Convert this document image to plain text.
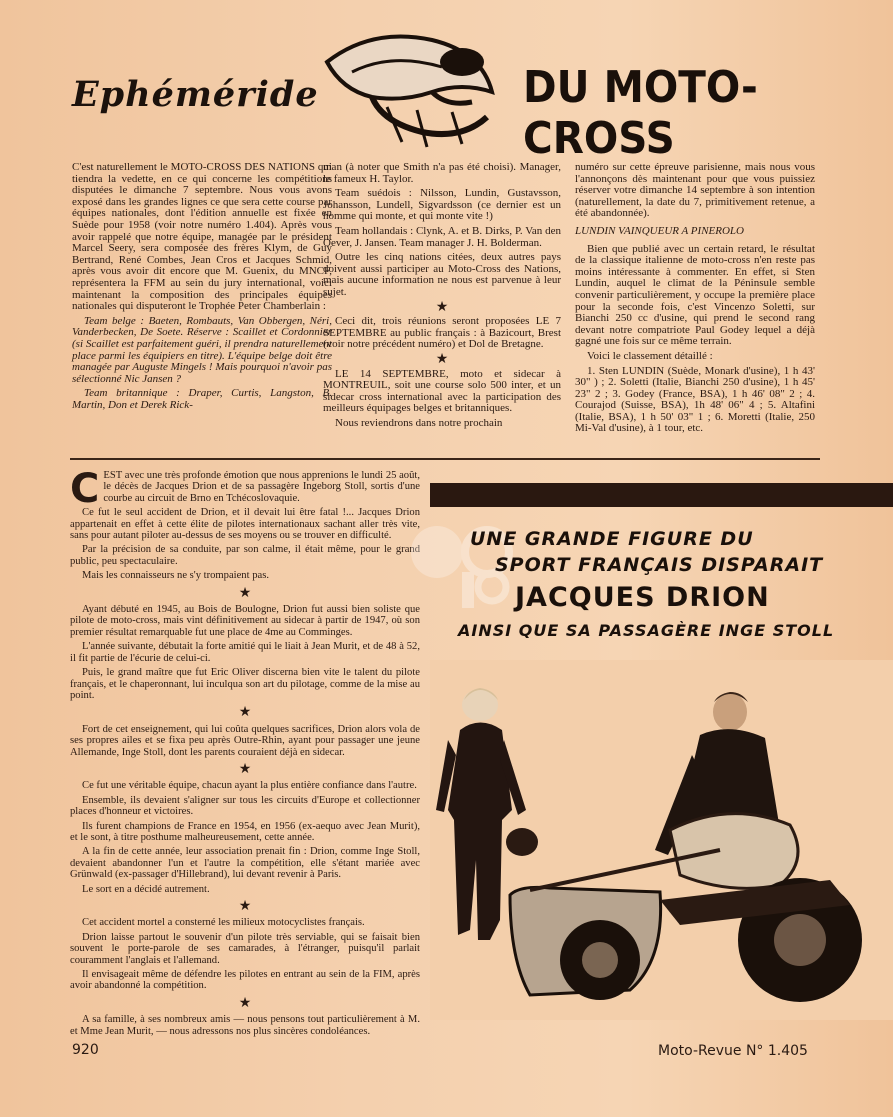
Ephéméride	DU MOTO-CROSS

C'est naturellement le MOTO-CROSS DES NATIONS qui tiendra la vedette, en ce qui concerne les compétitions disputées le dimanche 7 septembre. Nous vous avons exposé dans les grandes lignes ce que sera cette course par équipes nationales, dont l'édition annuelle est fixée en Suède pour 1958 (voir notre numéro 1.404). Après vous avoir rappelé que notre équipe, managée par le président Marcel Seery, sera composée des frères Klym, de Guy Bertrand, René Combes, Jean Cros et Jacques Schmid, après vous avoir dit encore que M. Guenix, du MNCF, représentera la FFM au sein du jury international, voici maintenant la composition des principales équipes nationales qui disputeront le Trophée Peter Chamberlain :

Team belge : Baeten, Rombauts, Van Obbergen, Néri, Vanderbecken, De Soete. Réserve : Scaillet et Cordonnier (si Scaillet est parfaitement guéri, il prendra naturellement place parmi les équipiers en titre). L'équipe belge doit être managée par Auguste Mingels ! Mais pourquoi n'avoir pas sélectionné Nic Jansen ?

Team britannique : Draper, Curtis, Langston, B. Martin, Don et Derek Rick-

man (à noter que Smith n'a pas été choisi). Manager, le fameux H. Taylor.

Team suédois : Nilsson, Lundin, Gustavsson, Johansson, Lundell, Sigvardsson (ce dernier est un homme qui monte, et qui monte vite !)

Team hollandais : Clynk, A. et B. Dirks, P. Van den Oever, J. Jansen. Team manager J. H. Bolderman.

Outre les cinq nations citées, deux autres pays doivent aussi participer au Moto-Cross des Nations, mais aucune information ne nous est parvenue à leur sujet.

★

Ceci dit, trois réunions seront proposées LE 7 SEPTEMBRE au public français : à Bazicourt, Brest (voir notre précédent numéro) et Dol de Bretagne.

★

LE 14 SEPTEMBRE, moto et sidecar à MONTREUIL, soit une course solo 500 inter, et un sidecar cross international avec la participation des meilleurs équipages belges et britanniques.

Nous reviendrons dans notre prochain

numéro sur cette épreuve parisienne, mais nous vous l'annonçons dès maintenant pour que vous puissiez réserver votre dimanche 14 septembre à son intention (naturellement, la date du 7, primitivement retenue, a été abandonnée).

LUNDIN VAINQUEUR A PINEROLO

Bien que publié avec un certain retard, le résultat de la classique italienne de moto-cross n'en reste pas moins intéressante à commenter. En effet, si Sten Lundin, auquel le climat de la Péninsule semble convenir particulièrement, y occupe la première place pour la seconde fois, c'est Vincenzo Soletti, sur Bianchi 250 cc d'usine, qui prend le second rang devant notre compatriote Paul Godey lequel a déjà gagné une fois sur ce même terrain.

Voici le classement détaillé :

1. Sten LUNDIN (Suède, Monark d'usine), 1 h 43' 30" ) ; 2. Soletti (Italie, Bianchi 250 d'usine), 1 h 45' 23" 2 ; 3. Godey (France, BSA), 1 h 46' 08" 2 ; 4. Courajod (Suisse, BSA), 1h 48' 06" 4 ; 5. Altafini (Italie, BSA), 1 h 50' 03" 1 ; 6. Moretti (Italie, 250 Mi-Val d'usine), à 1 tour, etc.

CEST avec une très profonde émotion que nous apprenions le lundi 25 août, le décès de Jacques Drion et de sa passagère Ingeborg Stoll, sortis d'une courbe au circuit de Brno en Tchécoslovaquie.

Ce fut le seul accident de Drion, et il devait lui être fatal !... Jacques Drion appartenait en effet à cette élite de pilotes internationaux sachant aller très vite, sans pour autant piloter au-dessus de ses moyens ou se trouver en difficulté.

Par la précision de sa conduite, par son calme, il était même, pour le grand public, peu spectaculaire.

Mais les connaisseurs ne s'y trompaient pas.

★

Ayant débuté en 1945, au Bois de Boulogne, Drion fut aussi bien soliste que pilote de moto-cross, mais vint définitivement au sidecar à partir de 1947, où son premier résultat remarquable fut une place de 4me au Comminges.

L'année suivante, débutait la forte amitié qui le liait à Jean Murit, et de 48 à 52, il fit partie de l'écurie de celui-ci.

Puis, le grand maître que fut Eric Oliver discerna bien vite le talent du pilote français, et le chaperonnant, lui inculqua son art du pilotage, comme de la mise au point.

★

Fort de cet enseignement, qui lui coûta quelques sacrifices, Drion alors vola de ses propres ailes et se fixa peu après Outre-Rhin, ayant pour passager une jeune Allemande, Inge Stoll, dont les parents couraient déjà en sidecar.

★

Ce fut une véritable équipe, chacun ayant la plus entière confiance dans l'autre.

Ensemble, ils devaient s'aligner sur tous les circuits d'Europe et collectionner places d'honneur et victoires.

Ils furent champions de France en 1954, en 1956 (ex-aequo avec Jean Murit), et le sont, à titre posthume malheureusement, cette année.

A la fin de cette année, leur association prenait fin : Drion, comme Inge Stoll, devaient abandonner l'un et l'autre la compétition, elle s'étant mariée avec Grünwald (ex-passager d'Hillebrand), lui devant revenir à Paris.

Le sort en a décidé autrement.

★

Cet accident mortel a consterné les milieux motocyclistes français.

Drion laisse partout le souvenir d'un pilote très serviable, qui se faisait bien souvent le porte-parole de ses camarades, à l'étranger, puisqu'il parlait couramment l'anglais et l'allemand.

Il envisageait même de défendre les pilotes en entrant au sein de la FIM, après avoir abandonné la compétition.

★

A sa famille, à ses nombreux amis — nous pensons tout particulièrement à M. et Mme Jean Murit, — nous adressons nos plus sincères condoléances.

UNE GRANDE FIGURE DU
SPORT FRANÇAIS DISPARAIT
JACQUES DRION
AINSI QUE SA PASSAGÈRE INGE STOLL
920	Moto-Revue N° 1.405
